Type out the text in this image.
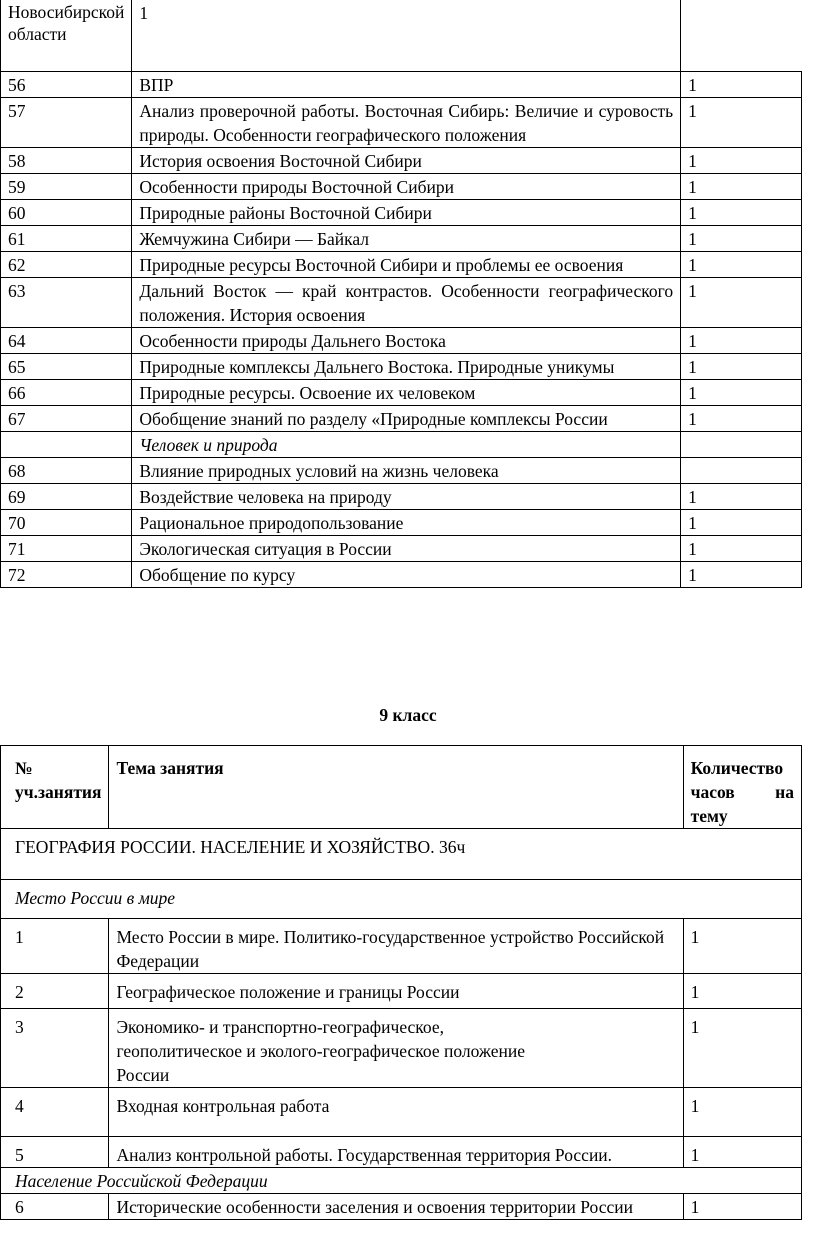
Новосибирской области	1	
56	ВПР	1
57	Анализ проверочной работы. Восточная Сибирь: Величие и суровость природы. Особенности географического положения	1
58	История освоения Восточной Сибири	1
59	Особенности природы Восточной Сибири	1
60	Природные районы Восточной Сибири	1
61	Жемчужина Сибири — Байкал	1
62	Природные ресурсы Восточной Сибири и проблемы ее освоения	1
63	Дальний Восток — край контрастов. Особенности географического положения. История освоения	1
64	Особенности природы Дальнего Востока	1
65	Природные комплексы Дальнего Востока. Природные уникумы	1
66	Природные ресурсы. Освоение их человеком	1
67	Обобщение знаний по разделу «Природные комплексы России	1
	Человек и природа	
68	Влияние природных условий на жизнь человека	
69	Воздействие человека на природу	1
70	Рациональное природопользование	1
71	Экологическая ситуация в России	1
72	Обобщение по курсу	1
9 класс
№ уч.занятия	Тема занятия	Количество часов на тему
ГЕОГРАФИЯ РОССИИ. НАСЕЛЕНИЕ И ХОЗЯЙСТВО. 36ч		
Место России в мире		
1	Место России в мире. Политико-государственное устройство Российской Федерации	1
2	Географическое положение и границы России	1
3	Экономико- и транспортно-географическое, геополитическое и эколого-географическое положение России	1
4	Входная контрольная работа	1
5	Анализ контрольной работы. Государственная территория России.	1
Население Российской Федерации		
6	Исторические особенности заселения и освоения территории России	1
